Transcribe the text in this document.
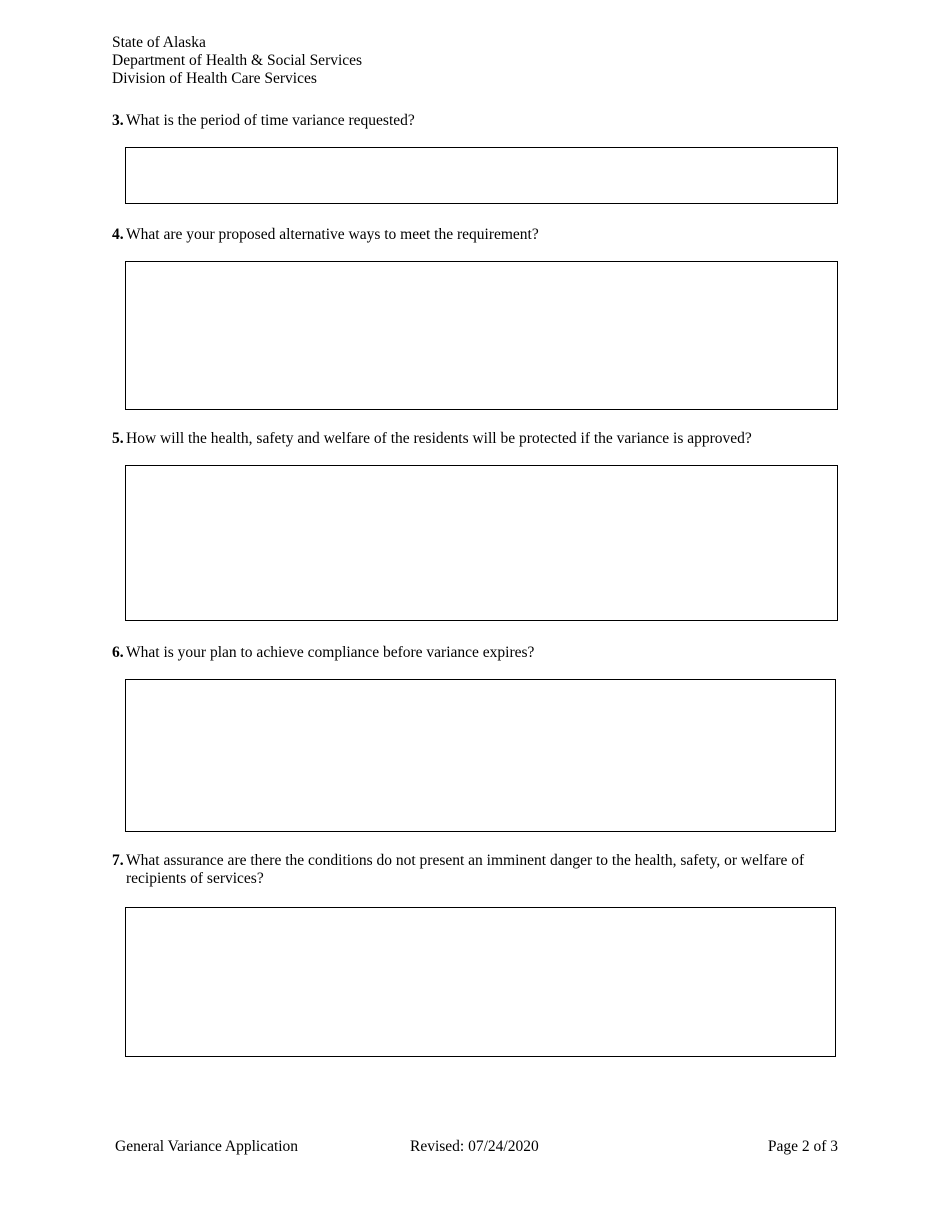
State of Alaska
Department of Health & Social Services
Division of Health Care Services
3. What is the period of time variance requested?
4. What are your proposed alternative ways to meet the requirement?
5. How will the health, safety and welfare of the residents will be protected if the variance is approved?
6. What is your plan to achieve compliance before variance expires?
7. What assurance are there the conditions do not present an imminent danger to the health, safety, or welfare of recipients of services?
General Variance Application	Revised: 07/24/2020	Page 2 of 3
